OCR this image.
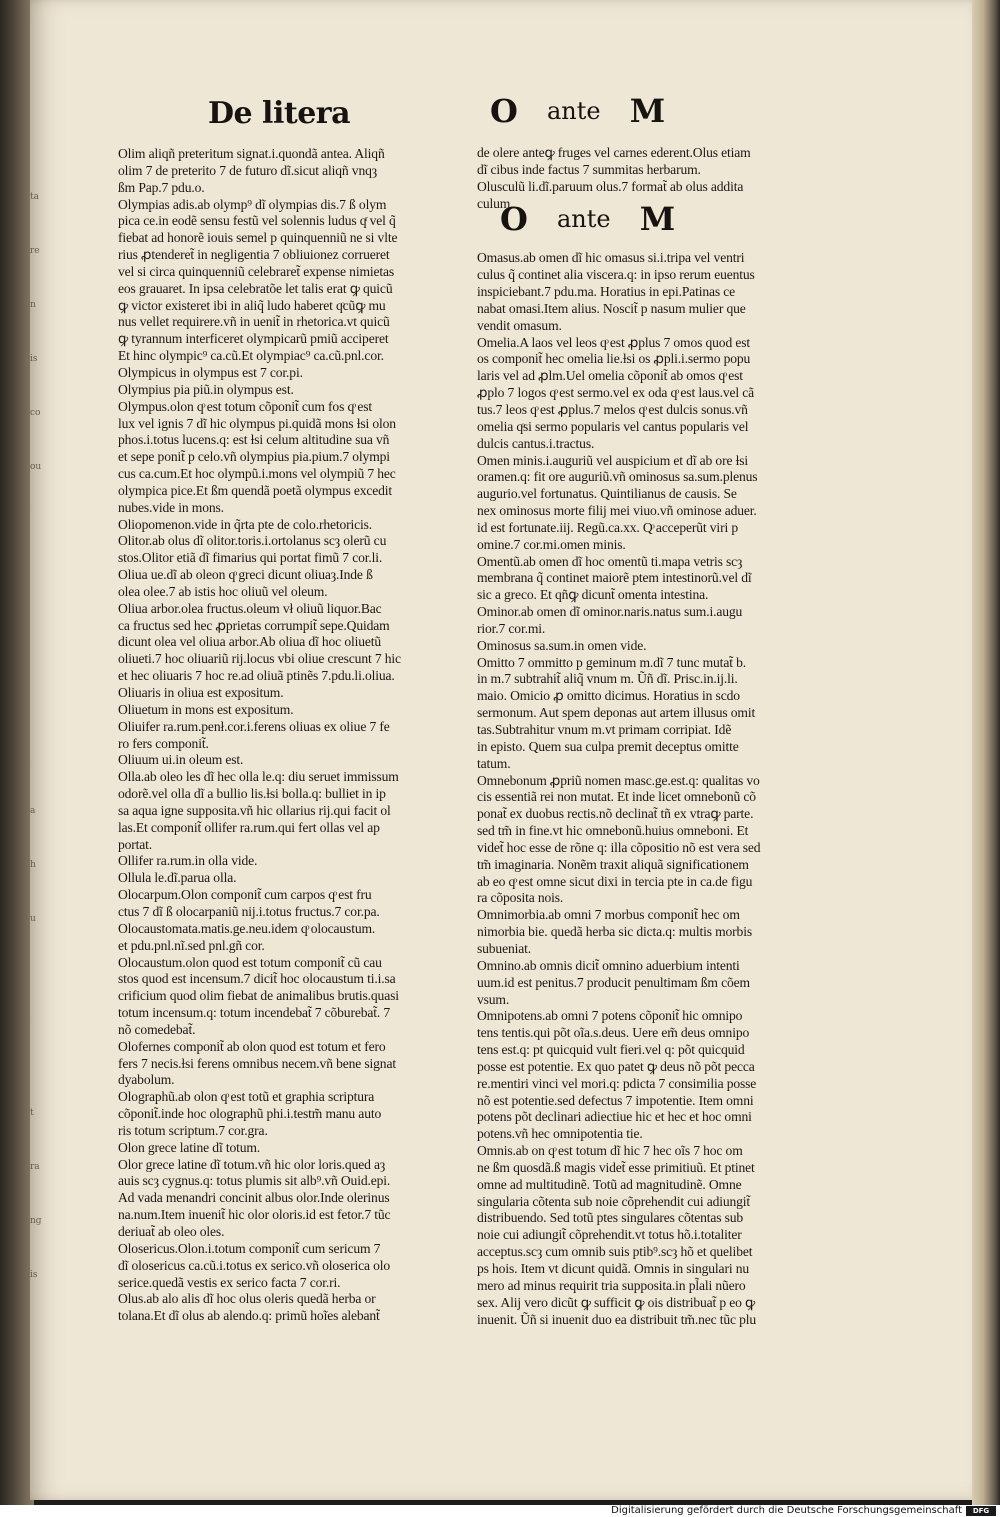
ta
re
n
is
co
ou
a
h
u
t
ra
ng
is
De litera	O ante M
Olim aliqñ preteritum signat.i.quondã antea. Aliqñ
olim 7 de preterito 7 de futuro dĩ.sicut aliqñ vnqȝ
ßm Pap.7 pdu.o.
Olympias adis.ab olymp⁹ dĩ olympias dis.7 ß olym
pica ce.in eodẽ sensu festũ vel solennis ludus qͬ vel q̃
fiebat ad honorẽ iouis semel p quinquenniũ ne si vlte
rius ꝓtenderet̃ in negligentia 7 obliuionez corrueret
vel si circa quinquenniũ celebraret̃ expense nimietas
eos grauaret. In ipsa celebratõe let talis erat ꝙ quicũ
ꝙ victor existeret ibi in aliq̃ ludo haberet qͦcũꝙ mu
nus vellet requirere.vñ in uenit̃ in rhetorica.vt quicũ
ꝙ tyrannum interficeret olympicarũ pmiũ acciperet
Et hinc olympic⁹ ca.cũ.Et olympiac⁹ ca.cũ.pnl.cor.
Olympicus in olympus est 7 cor.pi.
Olympius pia piũ.in olympus est.
Olympus.olon qͦ est totum cõponit̃ cum fos qͦ est
lux vel ignis 7 dĩ hic olympus pi.quidã mons ƚsi olon
phos.i.totus lucens.q: est ƚsi celum altitudine sua vñ
et sepe ponit̃ p celo.vñ olympius pia.pium.7 olympi
cus ca.cum.Et hoc olympũ.i.mons vel olympiũ 7 hec
olympica pice.Et ßm quendã poetã olympus excedit
nubes.vide in mons.
Oliopomenon.vide in q̃rta pte de colo.rhetoricis.
Olitor.ab olus dĩ olitor.toris.i.ortolanus scȝ olerũ cu
stos.Olitor etiã dĩ fimarius qui portat fimũ 7 cor.li.
Oliua ue.dĩ ab oleon qͦ greci dicunt oliuaȝ.Inde ß
olea olee.7 ab istis hoc oliuũ vel oleum.
Oliua arbor.olea fructus.oleum vł oliuũ liquor.Bac
ca fructus sed hec ꝓprietas corrumpit̃ sepe.Quidam
dicunt olea vel oliua arbor.Ab oliua dĩ hoc oliuetũ
oliueti.7 hoc oliuariũ rij.locus vbi oliue crescunt 7 hic
et hec oliuaris 7 hoc re.ad oliuã ptinẽs 7.pdu.li.oliua.
Oliuaris in oliua est expositum.
Oliuetum in mons est expositum.
Oliuifer ra.rum.penł.cor.i.ferens oliuas ex oliue 7 fe
ro fers componit̃.
Oliuum ui.in oleum est.
Olla.ab oleo les dĩ hec olla le.q: diu seruet immissum
odorẽ.vel olla dĩ a bullio lis.ƚsi bolla.q: bulliet in ip
sa aqua igne supposita.vñ hic ollarius rij.qui facit ol
las.Et componit̃ ollifer ra.rum.qui fert ollas vel ap
portat.
Ollifer ra.rum.in olla vide.
Ollula le.dĩ.parua olla.
Olocarpum.Olon componit̃ cum carpos qͦ est fru
ctus 7 dĩ ß olocarpaniũ nij.i.totus fructus.7 cor.pa.
Olocaustomata.matis.ge.neu.idem qͦ olocaustum.
et pdu.pnl.nĩ.sed pnl.gñ cor.
Olocaustum.olon quod est totum componit̃ cũ cau
stos quod est incensum.7 dicit̃ hoc olocaustum ti.i.sa
crificium quod olim fiebat de animalibus brutis.quasi
totum incensum.q: totum incendebat̃ 7 cõburebat̃. 7
nõ comedebat̃.
Olofernes componit̃ ab olon quod est totum et fero
fers 7 necis.ƚsi ferens omnibus necem.vñ bene signat
dyabolum.
Olographũ.ab olon qͦ est totũ et graphia scriptura
cõponit̃.inde hoc olographũ phi.i.testm̃ manu auto
ris totum scriptum.7 cor.gra.
Olon grece latine dĩ totum.
Olor grece latine dĩ totum.vñ hic olor loris.qued aȝ
auis scȝ cygnus.q: totus plumis sit alb⁹.vñ Ouid.epi.
Ad vada menandri concinit albus olor.Inde olerinus
na.num.Item inuenit̃ hic olor oloris.id est fetor.7 tũc
deriuat̃ ab oleo oles.
Olosericus.Olon.i.totum componit̃ cum sericum 7
dĩ olosericus ca.cũ.i.totus ex serico.vñ oloserica olo
serice.quedã vestis ex serico facta 7 cor.ri.
Olus.ab alo alis dĩ hoc olus oleris quedã herba or
tolana.Et dĩ olus ab alendo.q: primũ hoĩes alebant̃
de olere anteꝙ fruges vel carnes ederent.Olus etiam
dĩ cibus inde factus 7 summitas herbarum.
Olusculũ li.dĩ.paruum olus.7 format̃ ab olus addita
culum.
Omasus.ab omen dĩ hic omasus si.i.tripa vel ventri
culus q̃ continet alia viscera.q: in ipso rerum euentus
inspiciebant.7 pdu.ma. Horatius in epi.Patinas ce
nabat omasi.Item alius. Noscit̃ p nasum mulier que
vendit omasum.
Omelia.A laos vel leos qͦ est ꝓplus 7 omos quod est
os componit̃ hec omelia lie.ƚsi os ꝓpli.i.sermo popu
laris vel ad ꝓlm.Uel omelia cõponit̃ ab omos qͦ est
ꝓplo 7 logos qͦ est sermo.vel ex oda qͦ est laus.vel cã
tus.7 leos qͦ est ꝓplus.7 melos qͦ est dulcis sonus.vñ
omelia qͦsi sermo popularis vel cantus popularis vel
dulcis cantus.i.tractus.
Omen minis.i.auguriũ vel auspicium et dĩ ab ore ƚsi
oramen.q: fit ore auguriũ.vñ ominosus sa.sum.plenus
augurio.vel fortunatus. Quintilianus de causis. Se
nex ominosus morte filij mei viuo.vñ ominose aduer.
id est fortunate.iij. Regũ.ca.xx. Qͦ acceperũt viri p
omine.7 cor.mi.omen minis.
Omentũ.ab omen dĩ hoc omentũ ti.mapa vetris scȝ
membrana q̃ continet maiorẽ ptem intestinorũ.vel dĩ
sic a greco. Et qñꝙ dicunt̃ omenta intestina.
Ominor.ab omen dĩ ominor.naris.natus sum.i.augu
rior.7 cor.mi.
Ominosus sa.sum.in omen vide.
Omitto 7 ommitto p geminum m.dĩ 7 tunc mutat̃ b.
in m.7 subtrahit̃ aliq̃ vnum m. Ũñ dĩ. Prisc.in.ij.li.
maio. Omicio ꝓ omitto dicimus. Horatius in scdo
sermonum. Aut spem deponas aut artem illusus omit
tas.Subtrahitur vnum m.vt primam corripiat. Idẽ
in episto. Quem sua culpa premit deceptus omitte
tatum.
Omnebonum ꝓpriũ nomen masc.ge.est.q: qualitas vo
cis essentiã rei non mutat. Et inde licet omnebonũ cõ
ponat̃ ex duobus rectis.nõ declinat̃ tñ ex vtraꝙ parte.
sed tm̃ in fine.vt hic omnebonũ.huius omneboni. Et
videt̃ hoc esse de rõne q: illa cõpositio nõ est vera sed
tm̃ imaginaria. Nonẽm traxit aliquã significationem
ab eo qͦ est omne sicut dixi in tercia pte in ca.de figu
ra cõposita nois.
Omnimorbia.ab omni 7 morbus componit̃ hec om
nimorbia bie. quedã herba sic dicta.q: multis morbis
subueniat.
Omnino.ab omnis dicit̃ omnino aduerbium intenti
uum.id est penitus.7 producit penultimam ßm cõem
vsum.
Omnipotens.ab omni 7 potens cõponit̃ hic omnipo
tens tentis.qui põt oĩa.s.deus. Uere em̃ deus omnipo
tens est.q: pt quicquid vult fieri.vel q: põt quicquid
posse est potentie. Ex quo patet ꝙ deus nõ põt pecca
re.mentiri vinci vel mori.q: pdicta 7 consimilia posse
nõ est potentie.sed defectus 7 impotentie. Item omni
potens põt declinari adiectiue hic et hec et hoc omni
potens.vñ hec omnipotentia tie.
Omnis.ab on qͦ est totum dĩ hic 7 hec oĩs 7 hoc om
ne ßm quosdã.ß magis videt̃ esse primitiuũ. Et ptinet
omne ad multitudinẽ. Totũ ad magnitudinẽ. Omne
singularia cõtenta sub noie cõprehendit cui adiungit̃
distribuendo. Sed totũ ptes singulares cõtentas sub
noie cui adiungit̃ cõprehendit.vt totus hõ.i.totaliter
acceptus.scȝ cum omnib suis ptib⁹.scȝ hõ et quelibet
ps hois. Item vt dicunt quidã. Omnis in singulari nu
mero ad minus requirit tria supposita.in pl̃ali nũero
sex. Alij vero dicũt ꝙ sufficit ꝙ ois distribuat̃ p eo ꝙ
inuenit. Ũñ si inuenit duo ea distribuit tm̃.nec tũc plu
O ante M
Digitalisierung gefördert durch die Deutsche Forschungsgemeinschaft	DFG
